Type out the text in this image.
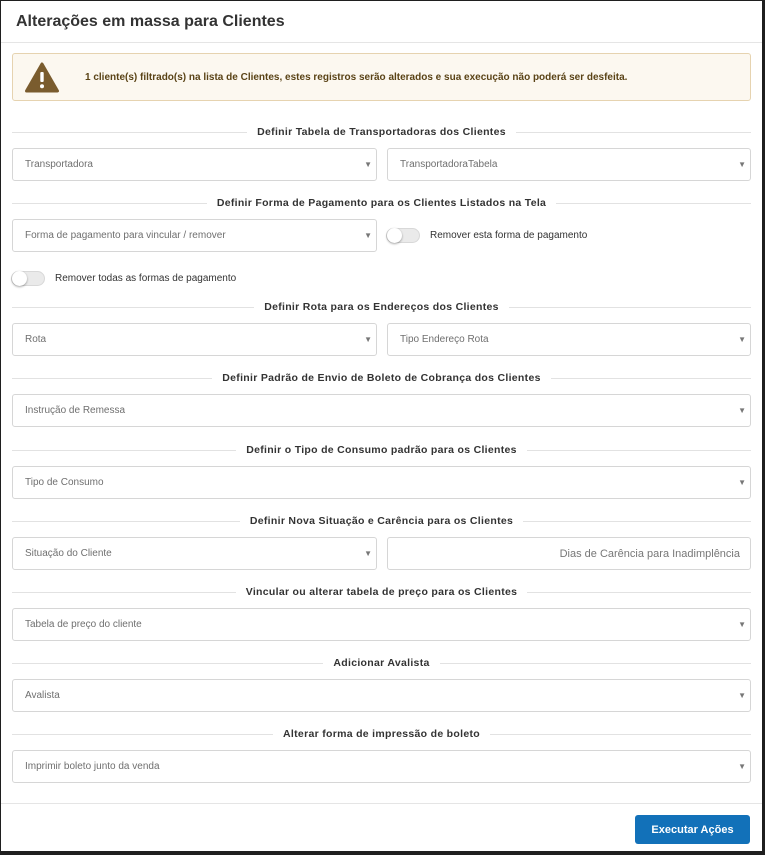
Alterações em massa para Clientes
1 cliente(s) filtrado(s) na lista de Clientes, estes registros serão alterados e sua execução não poderá ser desfeita.
Definir Tabela de Transportadoras dos Clientes
Transportadora	▼	TransportadoraTabela	▼
Definir Forma de Pagamento para os Clientes Listados na Tela
Forma de pagamento para vincular / remover	▼	Remover esta forma de pagamento
Remover todas as formas de pagamento
Definir Rota para os Endereços dos Clientes
Rota	▼	Tipo Endereço Rota	▼
Definir Padrão de Envio de Boleto de Cobrança dos Clientes
Instrução de Remessa	▼
Definir o Tipo de Consumo padrão para os Clientes
Tipo de Consumo	▼
Definir Nova Situação e Carência para os Clientes
Situação do Cliente	▼	Dias de Carência para Inadimplência
Vincular ou alterar tabela de preço para os Clientes
Tabela de preço do cliente	▼
Adicionar Avalista
Avalista	▼
Alterar forma de impressão de boleto
Imprimir boleto junto da venda	▼
Executar Ações
